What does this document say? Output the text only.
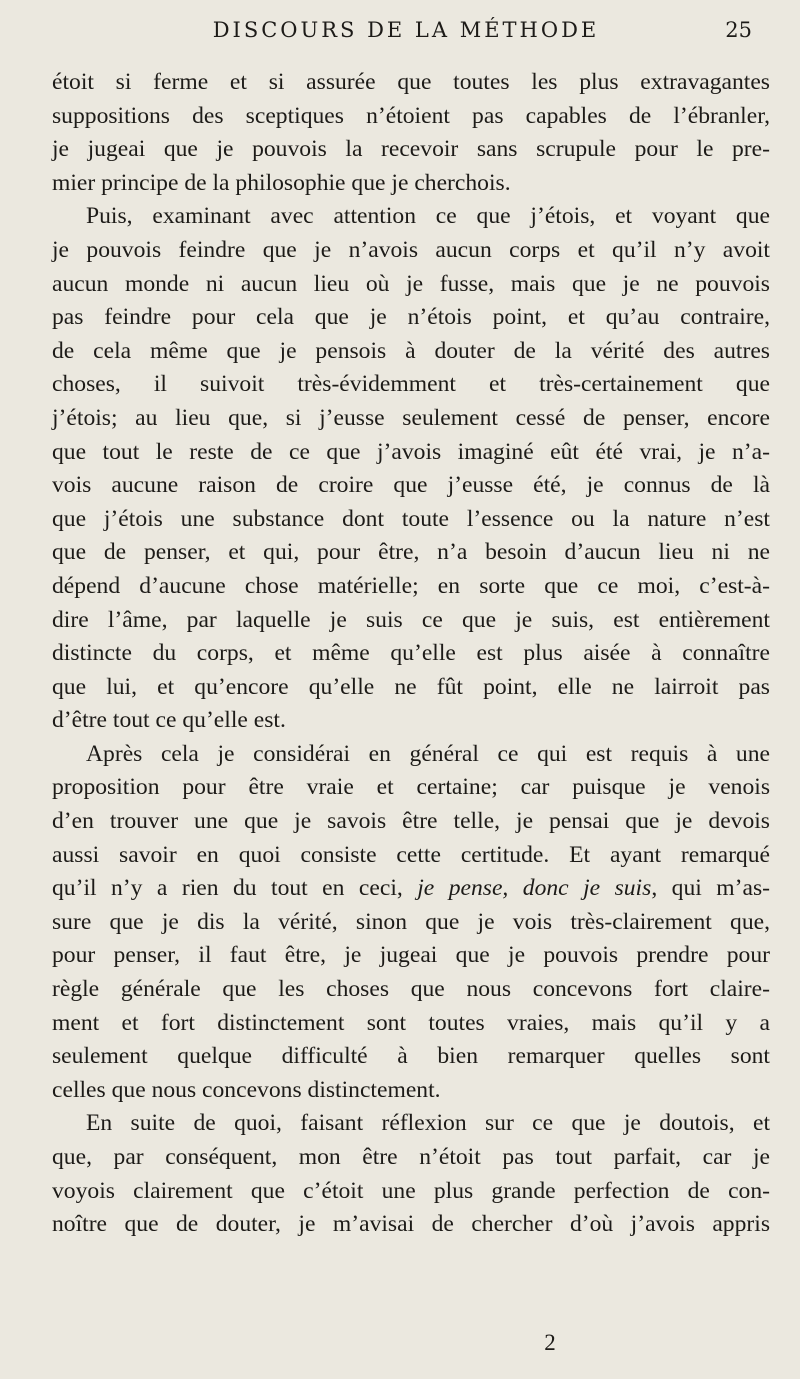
DISCOURS DE LA MÉTHODE	25
étoit si ferme et si assurée que toutes les plus extravagantes
suppositions des sceptiques n’étoient pas capables de l’ébranler,
je jugeai que je pouvois la recevoir sans scrupule pour le pre-
mier principe de la philosophie que je cherchois.
Puis, examinant avec attention ce que j’étois, et voyant que
je pouvois feindre que je n’avois aucun corps et qu’il n’y avoit
aucun monde ni aucun lieu où je fusse, mais que je ne pouvois
pas feindre pour cela que je n’étois point, et qu’au contraire,
de cela même que je pensois à douter de la vérité des autres
choses, il suivoit très-évidemment et très-certainement que
j’étois; au lieu que, si j’eusse seulement cessé de penser, encore
que tout le reste de ce que j’avois imaginé eût été vrai, je n’a-
vois aucune raison de croire que j’eusse été, je connus de là
que j’étois une substance dont toute l’essence ou la nature n’est
que de penser, et qui, pour être, n’a besoin d’aucun lieu ni ne
dépend d’aucune chose matérielle; en sorte que ce moi, c’est-à-
dire l’âme, par laquelle je suis ce que je suis, est entièrement
distincte du corps, et même qu’elle est plus aisée à connaître
que lui, et qu’encore qu’elle ne fût point, elle ne lairroit pas
d’être tout ce qu’elle est.
Après cela je considérai en général ce qui est requis à une
proposition pour être vraie et certaine; car puisque je venois
d’en trouver une que je savois être telle, je pensai que je devois
aussi savoir en quoi consiste cette certitude. Et ayant remarqué
qu’il n’y a rien du tout en ceci, je pense, donc je suis, qui m’as-
sure que je dis la vérité, sinon que je vois très-clairement que,
pour penser, il faut être, je jugeai que je pouvois prendre pour
règle générale que les choses que nous concevons fort claire-
ment et fort distinctement sont toutes vraies, mais qu’il y a
seulement quelque difficulté à bien remarquer quelles sont
celles que nous concevons distinctement.
En suite de quoi, faisant réflexion sur ce que je doutois, et
que, par conséquent, mon être n’étoit pas tout parfait, car je
voyois clairement que c’étoit une plus grande perfection de con-
noître que de douter, je m’avisai de chercher d’où j’avois appris
2
